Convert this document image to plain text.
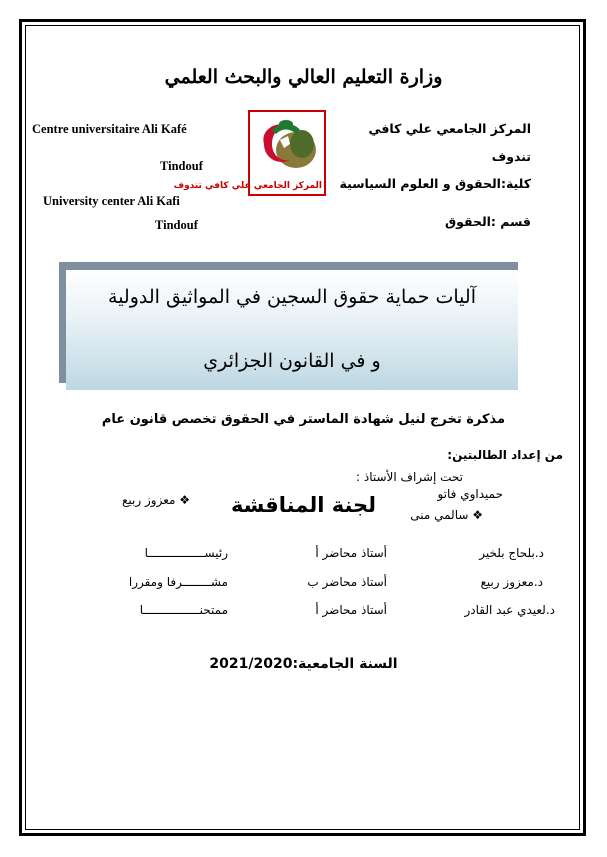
وزارة التعليم العالي والبحث العلمي
المركز الجامعي علي كافي
تندوف
كلية:الحقوق و العلوم السياسية
قسم :الحقوق
Centre universitaire Ali Kafé
Tindouf
University center Ali Kafi
Tindouf
المركز الجامعي علي كافي تندوف
آليات حماية حقوق السجين في المواثيق الدولية
و في القانون الجزائري
مذكرة تخرج لنيل شهادة الماستر في الحقوق تخصص قانون عام
من إعداد الطالبتين:
تحت إشراف الأستاذ :
حميداوي فاتو
❖ معزوز ربيع
❖ سالمي منى
لجنة المناقشة
د.بلحاج بلخير
أستاذ محاضر أ
رئيســــــــــــــــا
د.معزوز ربيع
أستاذ محاضر ب
مشــــــــرفا ومقررا
د.لعيدي عبد القادر
أستاذ محاضر أ
ممتحنــــــــــــــــا
السنة الجامعية:2021/2020
